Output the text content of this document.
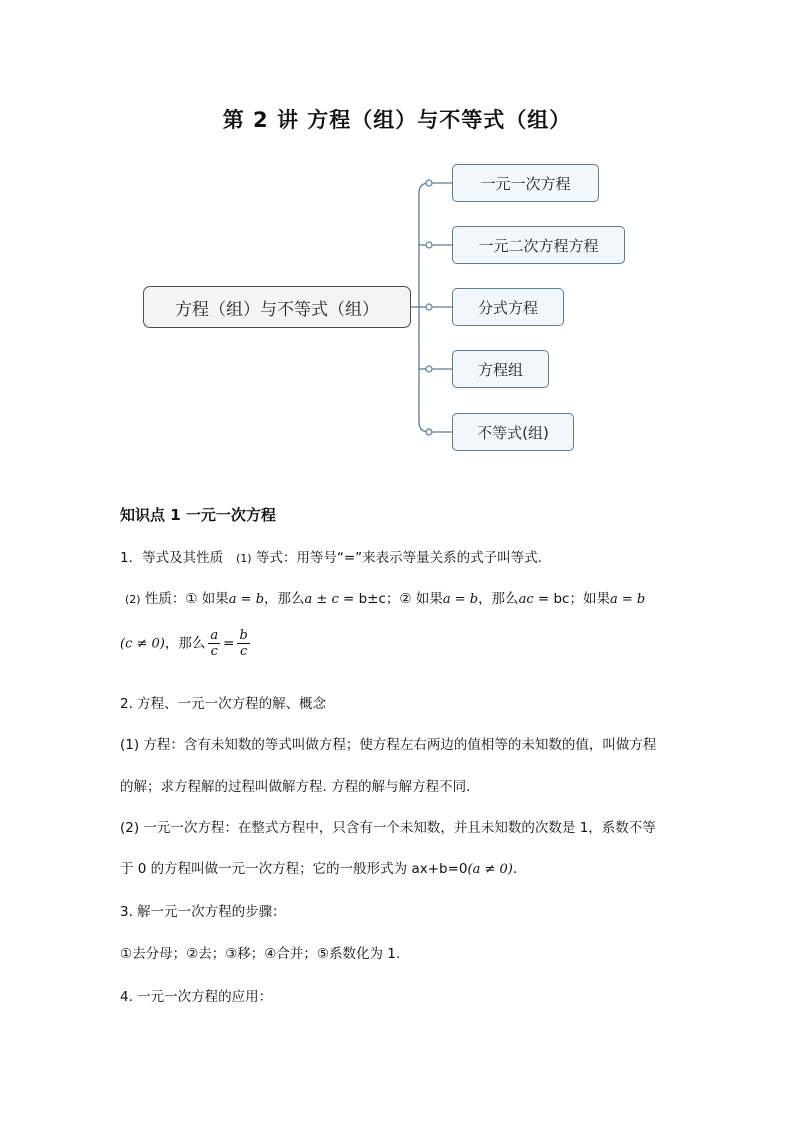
第 2 讲 方程（组）与不等式（组）
方程（组）与不等式（组）
一元一次方程
一元二次方程方程
分式方程
方程组
不等式(组)
知识点 1 一元一次方程
1．等式及其性质 (1) 等式：用等号“=”来表示等量关系的式子叫等式.
(2) 性质：① 如果a = b，那么a ± c = b±c；② 如果a = b，那么ac = bc；如果a = b
(c ≠ 0)，那么 $\frac{a}{c} = \frac{b}{c}$
2. 方程、一元一次方程的解、概念
(1) 方程：含有未知数的等式叫做方程；使方程左右两边的值相等的未知数的值，叫做方程
的解；求方程解的过程叫做解方程. 方程的解与解方程不同.
(2) 一元一次方程：在整式方程中，只含有一个未知数，并且未知数的次数是 1，系数不等
于 0 的方程叫做一元一次方程；它的一般形式为 ax+b=0(a ≠ 0).
3. 解一元一次方程的步骤：
①去分母；②去；③移；④合并；⑤系数化为 1.
4. 一元一次方程的应用：
